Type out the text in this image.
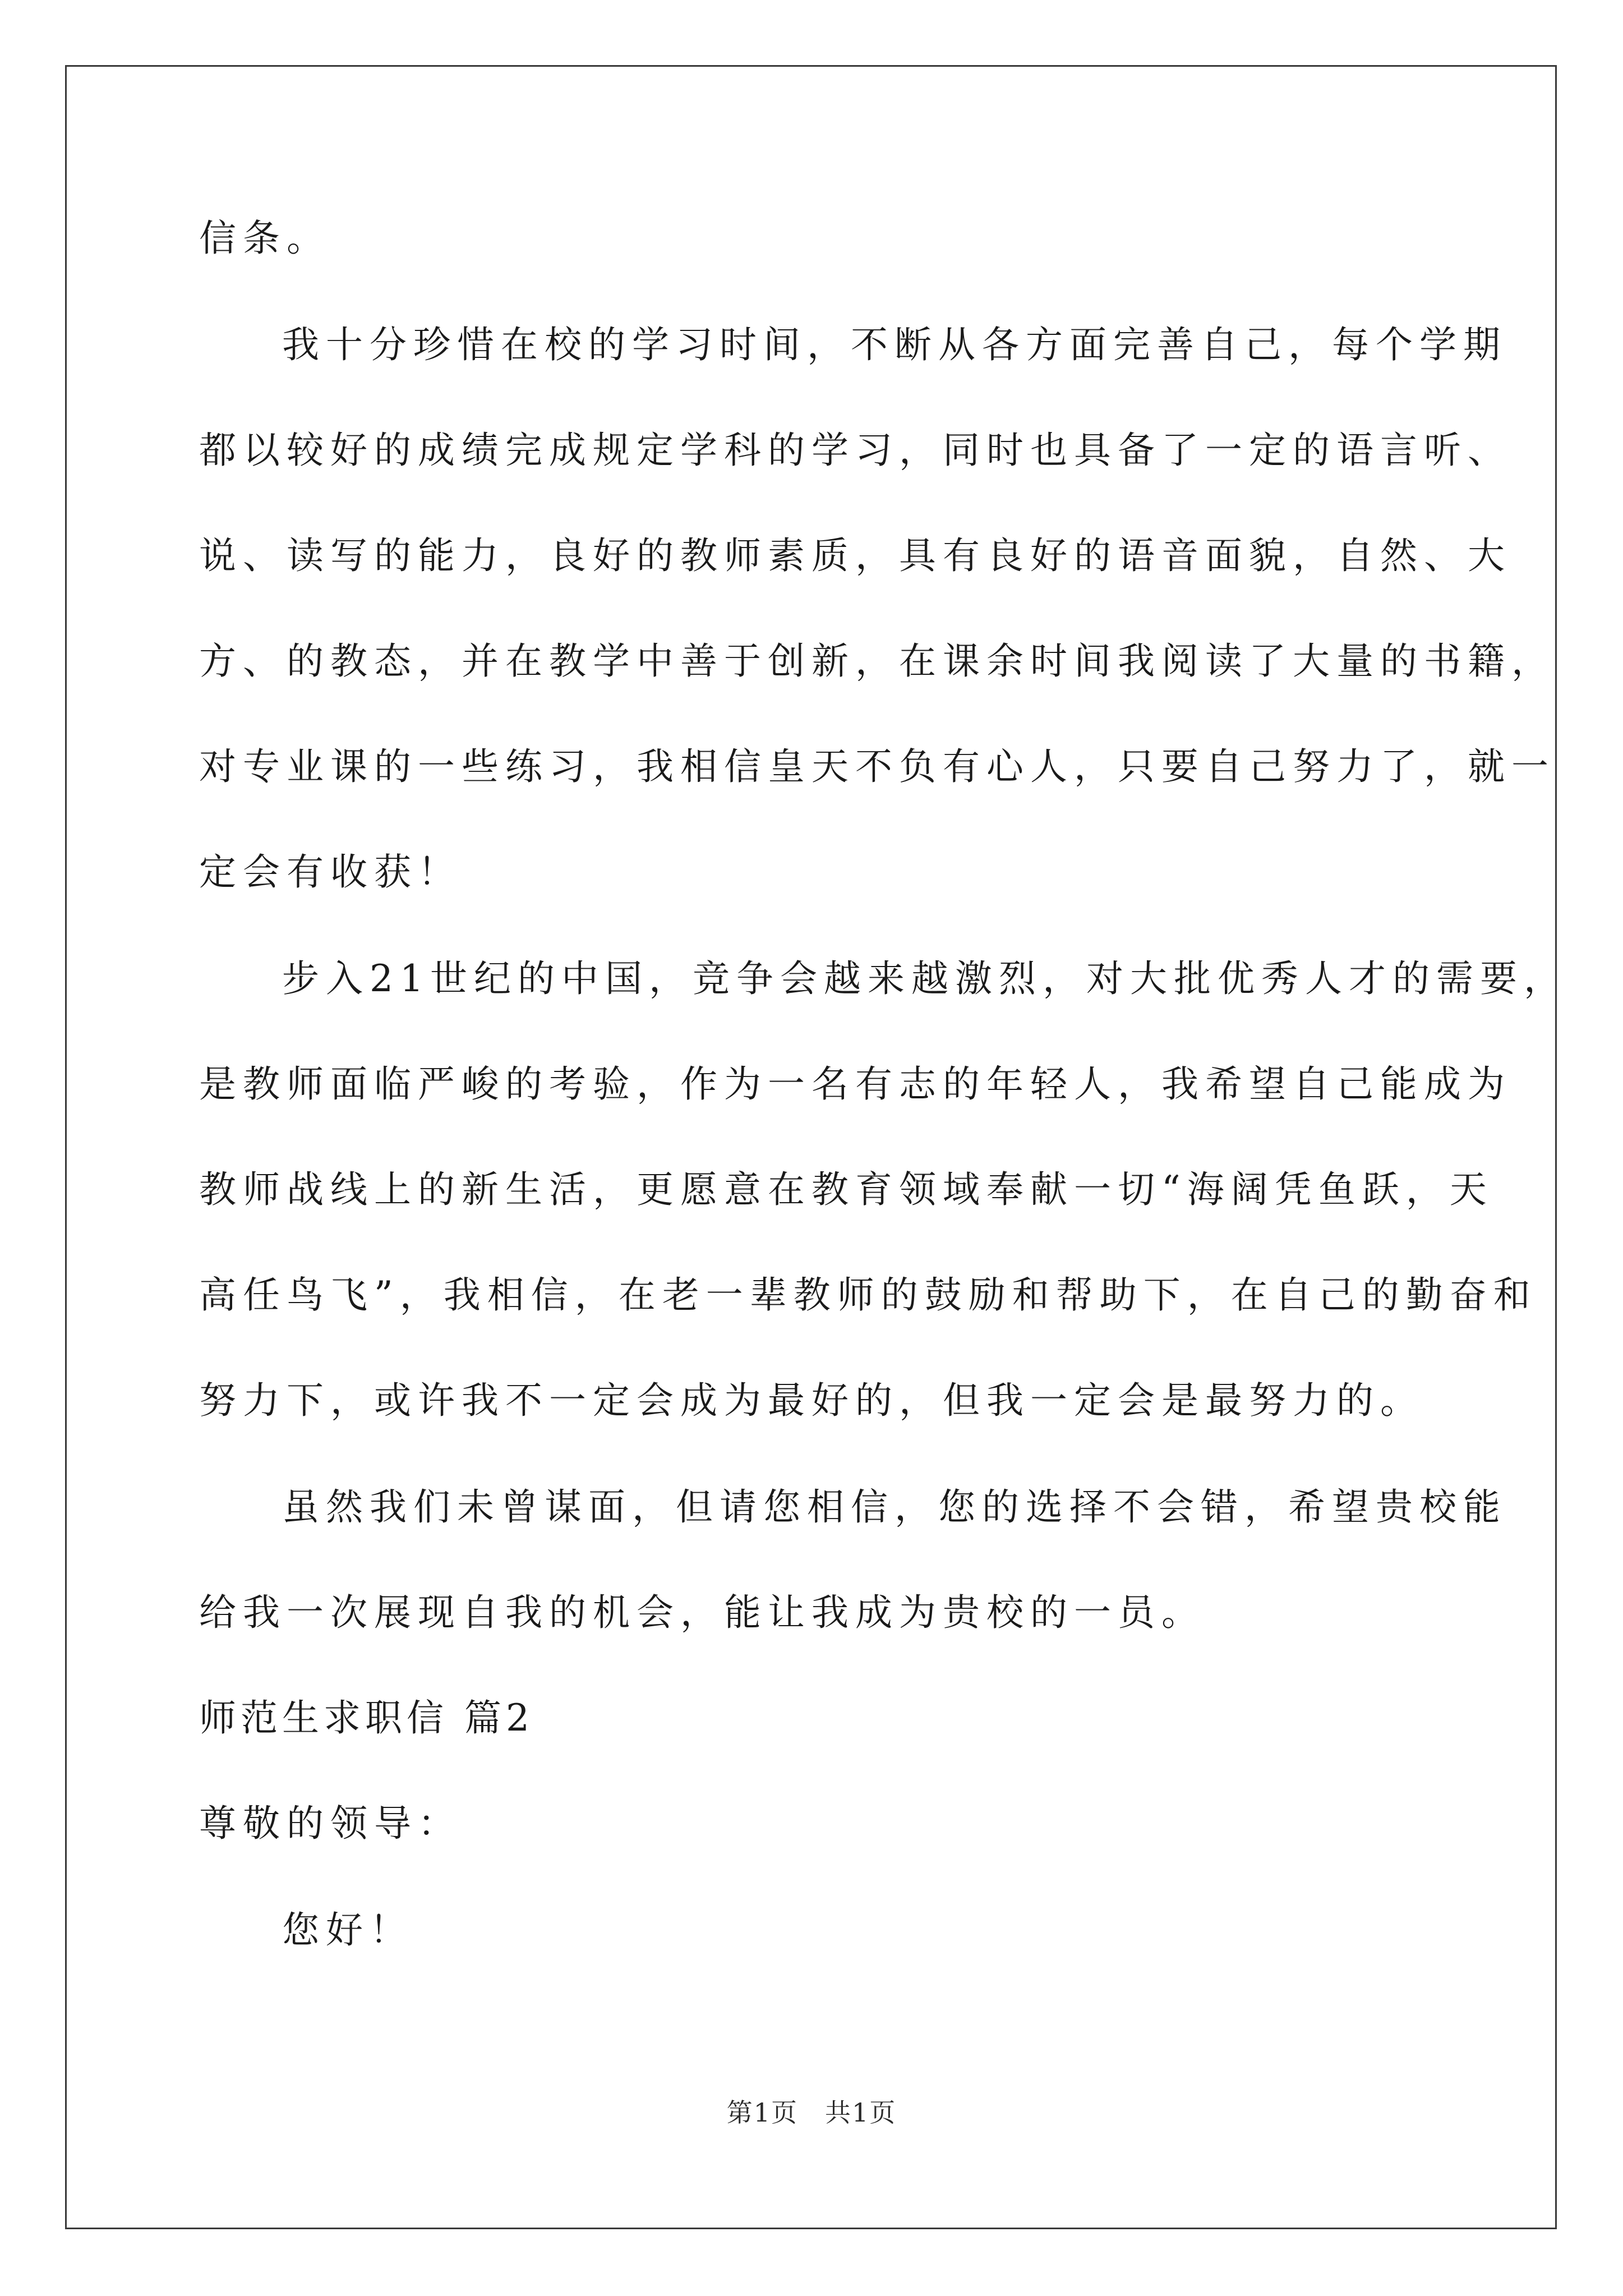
信条。
我十分珍惜在校的学习时间，不断从各方面完善自己，每个学期
都以较好的成绩完成规定学科的学习，同时也具备了一定的语言听、
说、读写的能力，良好的教师素质，具有良好的语音面貌，自然、大
方、的教态，并在教学中善于创新，在课余时间我阅读了大量的书籍，
对专业课的一些练习，我相信皇天不负有心人，只要自己努力了，就一
定会有收获！
步入21世纪的中国，竞争会越来越激烈，对大批优秀人才的需要，
是教师面临严峻的考验，作为一名有志的年轻人，我希望自己能成为
教师战线上的新生活，更愿意在教育领域奉献一切“海阔凭鱼跃，天
高任鸟飞”，我相信，在老一辈教师的鼓励和帮助下，在自己的勤奋和
努力下，或许我不一定会成为最好的，但我一定会是最努力的。
虽然我们未曾谋面，但请您相信，您的选择不会错，希望贵校能
给我一次展现自我的机会，能让我成为贵校的一员。
师范生求职信 篇2
尊敬的领导：
您好！
第1页　共1页
